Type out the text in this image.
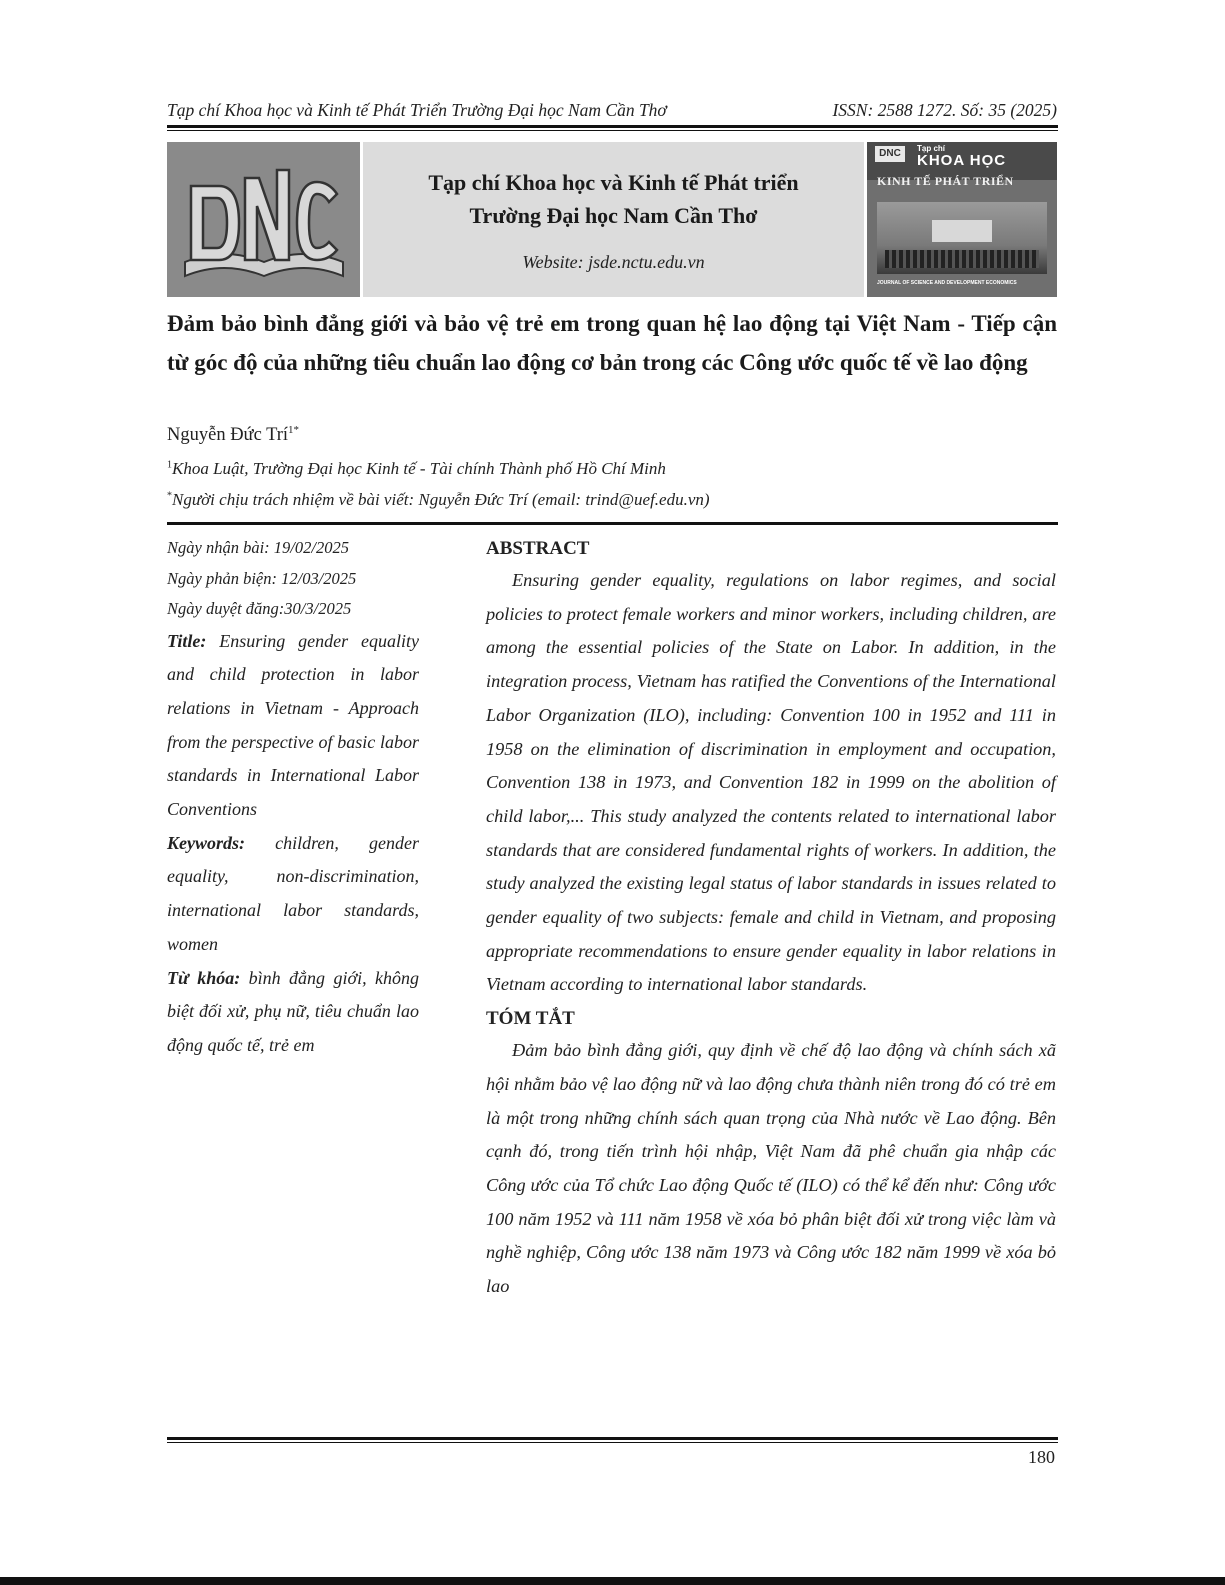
Tạp chí Khoa học và Kinh tế Phát Triển Trường Đại học Nam Cần Thơ	ISSN: 2588 1272. Số: 35 (2025)
Tạp chí Khoa học và Kinh tế Phát triển
Trường Đại học Nam Cần Thơ
Website: jsde.nctu.edu.vn
DNC	Tạp chí
KHOA HỌC
KINH TẾ PHÁT TRIỂN
JOURNAL OF SCIENCE AND DEVELOPMENT ECONOMICS
Đảm bảo bình đẳng giới và bảo vệ trẻ em trong quan hệ lao động tại Việt Nam - Tiếp cận từ góc độ của những tiêu chuẩn lao động cơ bản trong các Công ước quốc tế về lao động
Nguyễn Đức Trí$^{1*}$
$^1$Khoa Luật, Trường Đại học Kinh tế - Tài chính Thành phố Hồ Chí Minh
*Người chịu trách nhiệm về bài viết: Nguyễn Đức Trí (email: trind@uef.edu.vn)
Ngày nhận bài: 19/02/2025
Ngày phản biện: 12/03/2025
Ngày duyệt đăng:30/3/2025
Title: Ensuring gender equality and child protection in labor relations in Vietnam - Approach from the perspective of basic labor standards in International Labor Conventions
Keywords: children, gender equality, non-discrimination, international labor standards, women
Từ khóa: bình đẳng giới, không biệt đối xử, phụ nữ, tiêu chuẩn lao động quốc tế, trẻ em
ABSTRACT
Ensuring gender equality, regulations on labor regimes, and social policies to protect female workers and minor workers, including children, are among the essential policies of the State on Labor. In addition, in the integration process, Vietnam has ratified the Conventions of the International Labor Organization (ILO), including: Convention 100 in 1952 and 111 in 1958 on the elimination of discrimination in employment and occupation, Convention 138 in 1973, and Convention 182 in 1999 on the abolition of child labor,... This study analyzed the contents related to international labor standards that are considered fundamental rights of workers. In addition, the study analyzed the existing legal status of labor standards in issues related to gender equality of two subjects: female and child in Vietnam, and proposing appropriate recommendations to ensure gender equality in labor relations in Vietnam according to international labor standards.
TÓM TẮT
Đảm bảo bình đẳng giới, quy định về chế độ lao động và chính sách xã hội nhằm bảo vệ lao động nữ và lao động chưa thành niên trong đó có trẻ em là một trong những chính sách quan trọng của Nhà nước về Lao động. Bên cạnh đó, trong tiến trình hội nhập, Việt Nam đã phê chuẩn gia nhập các Công ước của Tổ chức Lao động Quốc tế (ILO) có thể kể đến như: Công ước 100 năm 1952 và 111 năm 1958 về xóa bỏ phân biệt đối xử trong việc làm và nghề nghiệp, Công ước 138 năm 1973 và Công ước 182 năm 1999 về xóa bỏ lao
180
